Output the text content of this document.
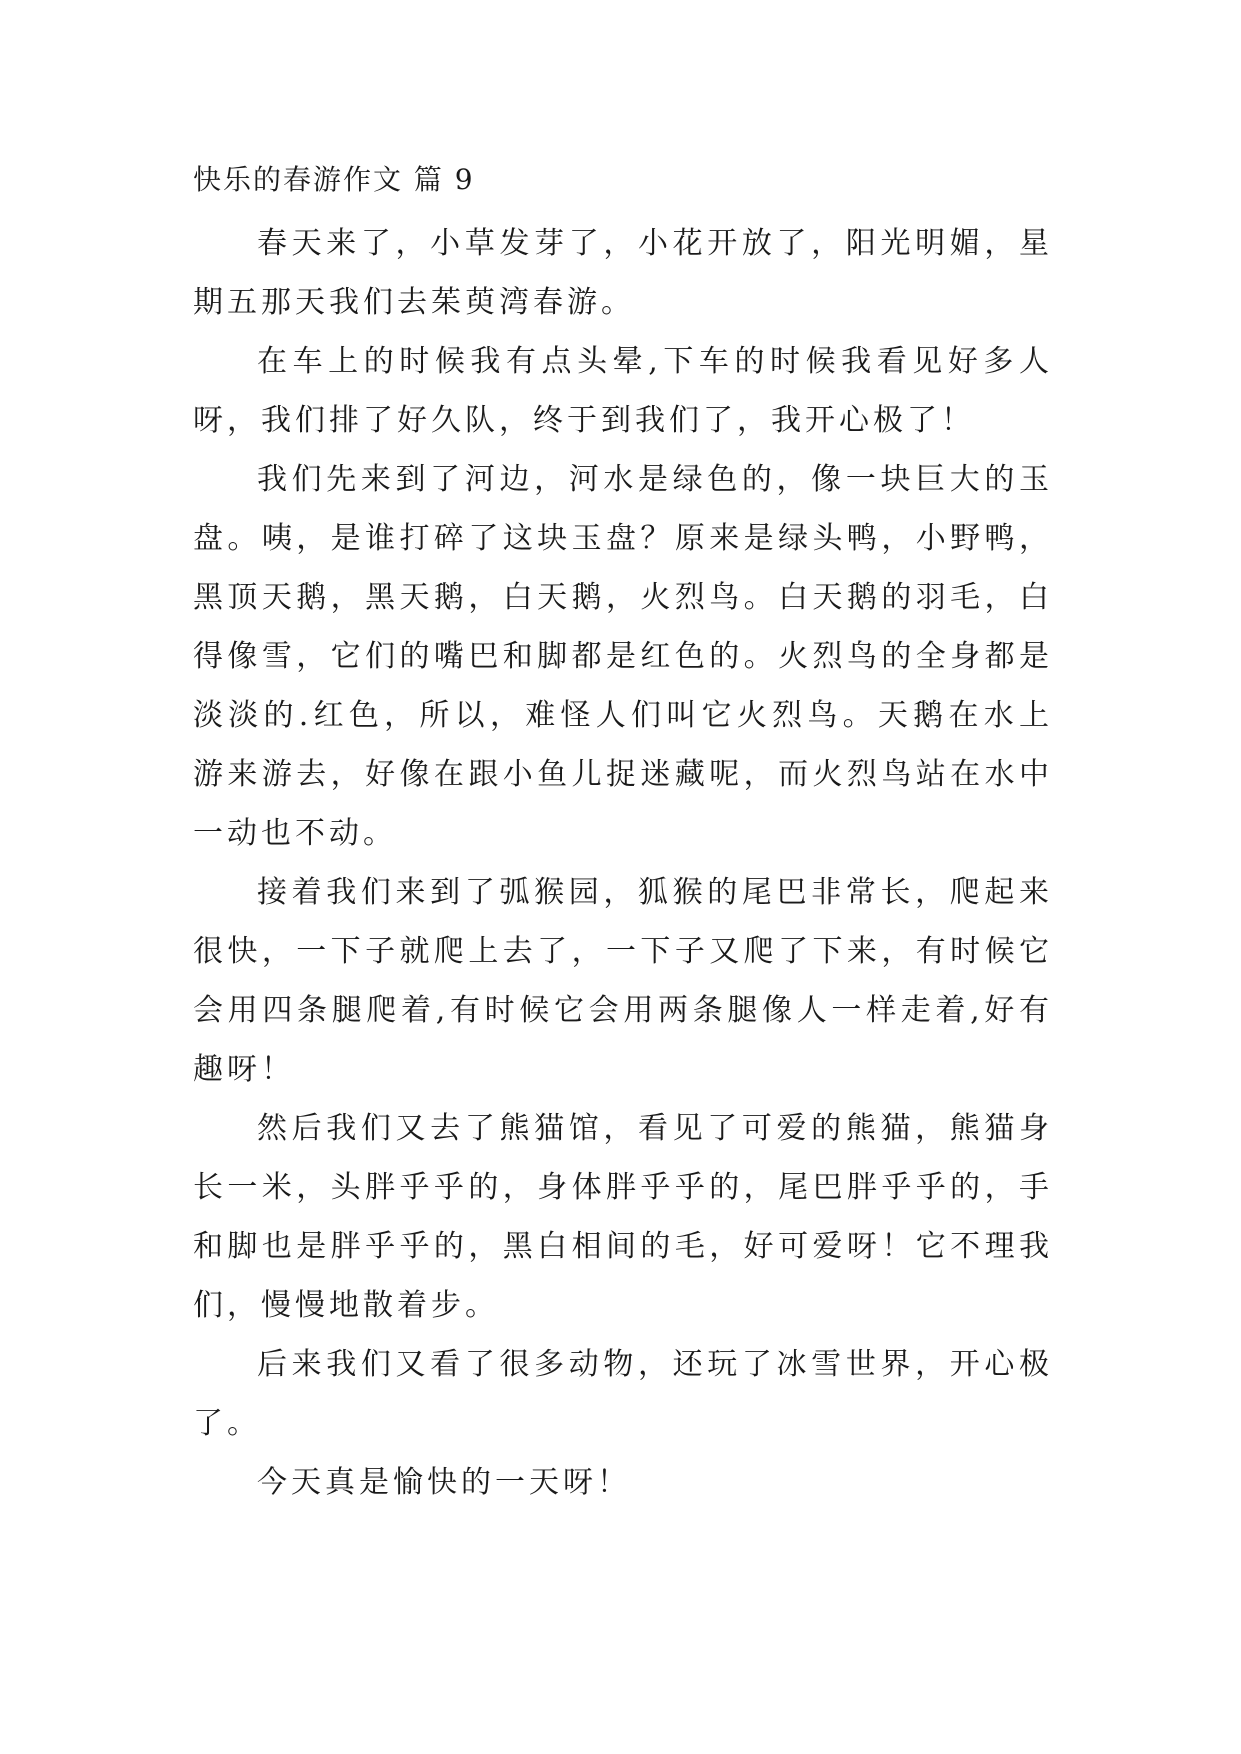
快乐的春游作文 篇 9

春天来了，小草发芽了，小花开放了，阳光明媚，星期五那天我们去茱萸湾春游。

在车上的时候我有点头晕,下车的时候我看见好多人呀，我们排了好久队，终于到我们了，我开心极了！

我们先来到了河边，河水是绿色的，像一块巨大的玉盘。咦，是谁打碎了这块玉盘？原来是绿头鸭，小野鸭，黑顶天鹅，黑天鹅，白天鹅，火烈鸟。白天鹅的羽毛，白得像雪，它们的嘴巴和脚都是红色的。火烈鸟的全身都是淡淡的.红色，所以，难怪人们叫它火烈鸟。天鹅在水上游来游去，好像在跟小鱼儿捉迷藏呢，而火烈鸟站在水中一动也不动。

接着我们来到了弧猴园，狐猴的尾巴非常长，爬起来很快，一下子就爬上去了，一下子又爬了下来，有时候它会用四条腿爬着,有时候它会用两条腿像人一样走着,好有趣呀！

然后我们又去了熊猫馆，看见了可爱的熊猫，熊猫身长一米，头胖乎乎的，身体胖乎乎的，尾巴胖乎乎的，手和脚也是胖乎乎的，黑白相间的毛，好可爱呀！它不理我们，慢慢地散着步。

后来我们又看了很多动物，还玩了冰雪世界，开心极了。

今天真是愉快的一天呀！
